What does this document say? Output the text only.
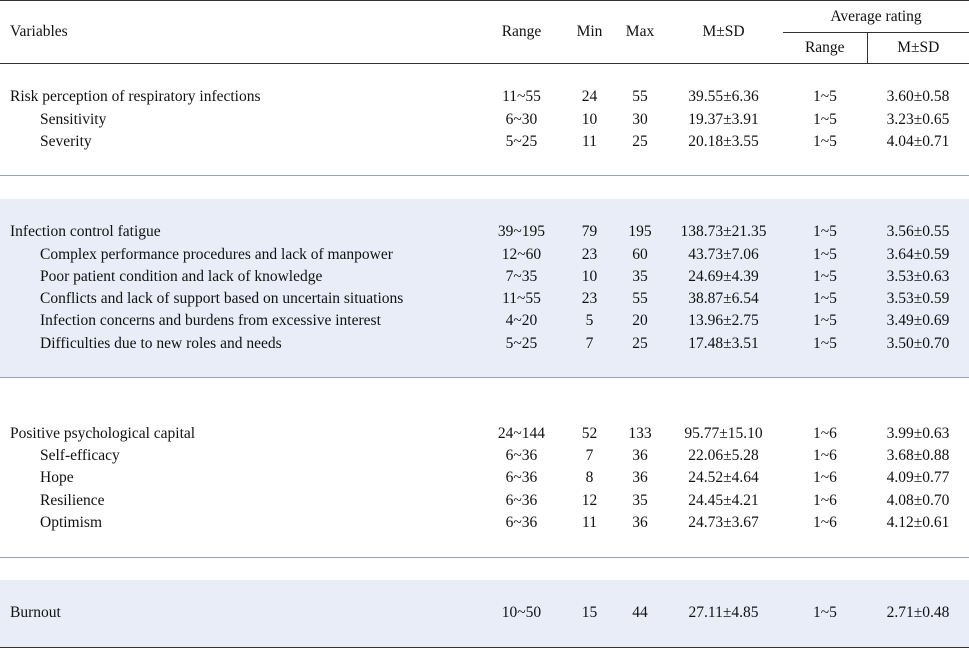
Variables	Range	Min	Max	M±SD	Average rating	
					Range	M±SD

Risk perception of respiratory infections	11~55	24	55	39.55±6.36	1~5	3.60±0.58
Sensitivity	6~30	10	30	19.37±3.91	1~5	3.23±0.65
Severity	5~25	11	25	20.18±3.55	1~5	4.04±0.71

Infection control fatigue	39~195	79	195	138.73±21.35	1~5	3.56±0.55
Complex performance procedures and lack of manpower	12~60	23	60	43.73±7.06	1~5	3.64±0.59
Poor patient condition and lack of knowledge	7~35	10	35	24.69±4.39	1~5	3.53±0.63
Conflicts and lack of support based on uncertain situations	11~55	23	55	38.87±6.54	1~5	3.53±0.59
Infection concerns and burdens from excessive interest	4~20	5	20	13.96±2.75	1~5	3.49±0.69
Difficulties due to new roles and needs	5~25	7	25	17.48±3.51	1~5	3.50±0.70

Positive psychological capital	24~144	52	133	95.77±15.10	1~6	3.99±0.63
Self-efficacy	6~36	7	36	22.06±5.28	1~6	3.68±0.88
Hope	6~36	8	36	24.52±4.64	1~6	4.09±0.77
Resilience	6~36	12	35	24.45±4.21	1~6	4.08±0.70
Optimism	6~36	11	36	24.73±3.67	1~6	4.12±0.61

Burnout	10~50	15	44	27.11±4.85	1~5	2.71±0.48
